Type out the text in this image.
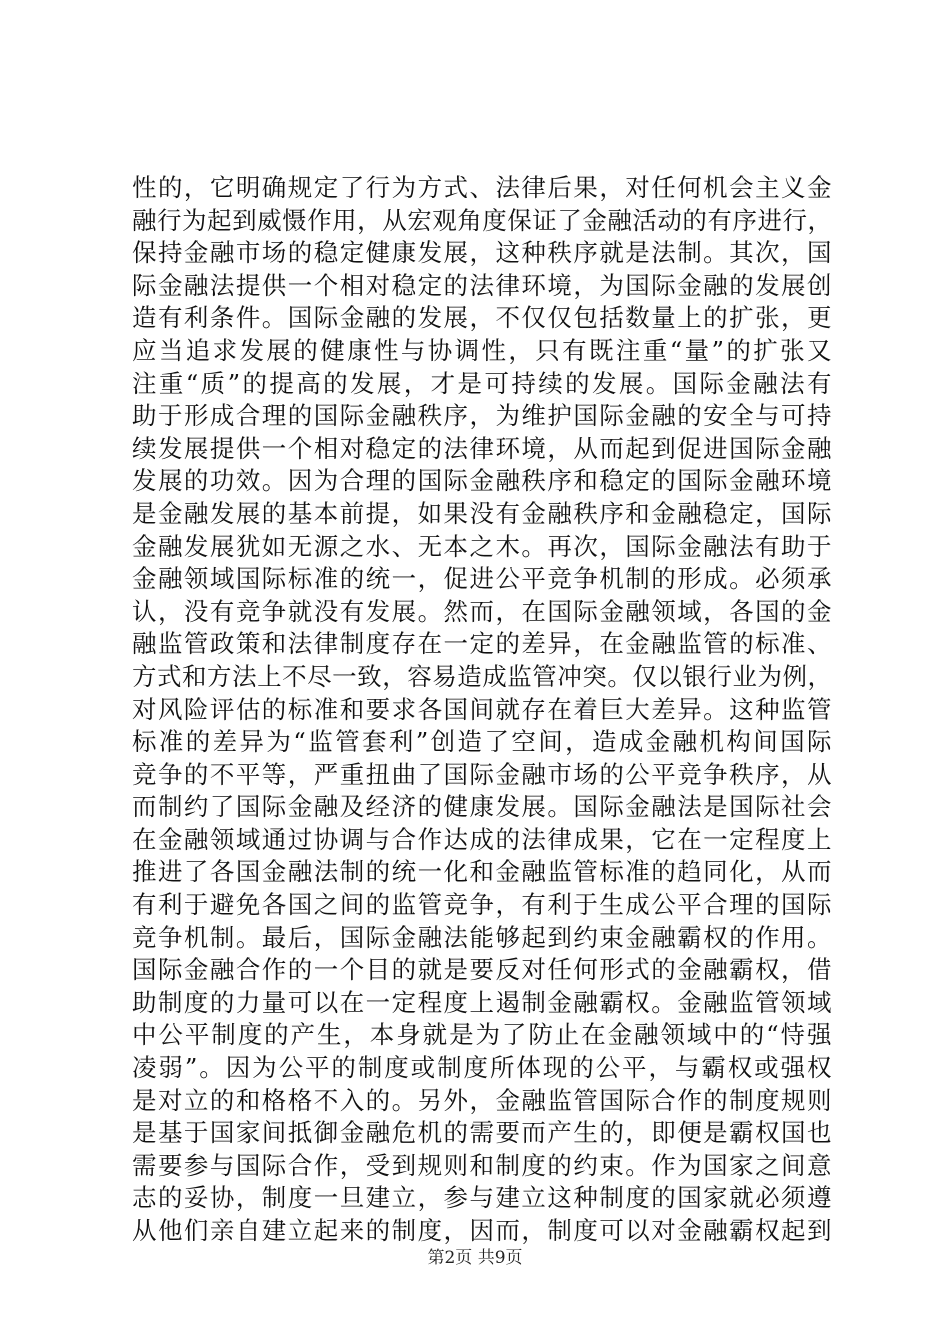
性的，它明确规定了行为方式、法律后果，对任何机会主义金
融行为起到威慑作用，从宏观角度保证了金融活动的有序进行，
保持金融市场的稳定健康发展，这种秩序就是法制。其次，国
际金融法提供一个相对稳定的法律环境，为国际金融的发展创
造有利条件。国际金融的发展，不仅仅包括数量上的扩张，更
应当追求发展的健康性与协调性，只有既注重“量”的扩张又
注重“质”的提高的发展，才是可持续的发展。国际金融法有
助于形成合理的国际金融秩序，为维护国际金融的安全与可持
续发展提供一个相对稳定的法律环境，从而起到促进国际金融
发展的功效。因为合理的国际金融秩序和稳定的国际金融环境
是金融发展的基本前提，如果没有金融秩序和金融稳定，国际
金融发展犹如无源之水、无本之木。再次，国际金融法有助于
金融领域国际标准的统一，促进公平竞争机制的形成。必须承
认，没有竞争就没有发展。然而，在国际金融领域，各国的金
融监管政策和法律制度存在一定的差异，在金融监管的标准、
方式和方法上不尽一致，容易造成监管冲突。仅以银行业为例，
对风险评估的标准和要求各国间就存在着巨大差异。这种监管
标准的差异为“监管套利”创造了空间，造成金融机构间国际
竞争的不平等，严重扭曲了国际金融市场的公平竞争秩序，从
而制约了国际金融及经济的健康发展。国际金融法是国际社会
在金融领域通过协调与合作达成的法律成果，它在一定程度上
推进了各国金融法制的统一化和金融监管标准的趋同化，从而
有利于避免各国之间的监管竞争，有利于生成公平合理的国际
竞争机制。最后，国际金融法能够起到约束金融霸权的作用。
国际金融合作的一个目的就是要反对任何形式的金融霸权，借
助制度的力量可以在一定程度上遏制金融霸权。金融监管领域
中公平制度的产生，本身就是为了防止在金融领域中的“恃强
凌弱”。因为公平的制度或制度所体现的公平，与霸权或强权
是对立的和格格不入的。另外，金融监管国际合作的制度规则
是基于国家间抵御金融危机的需要而产生的，即便是霸权国也
需要参与国际合作，受到规则和制度的约束。作为国家之间意
志的妥协，制度一旦建立，参与建立这种制度的国家就必须遵
从他们亲自建立起来的制度，因而，制度可以对金融霸权起到
第2页 共9页
